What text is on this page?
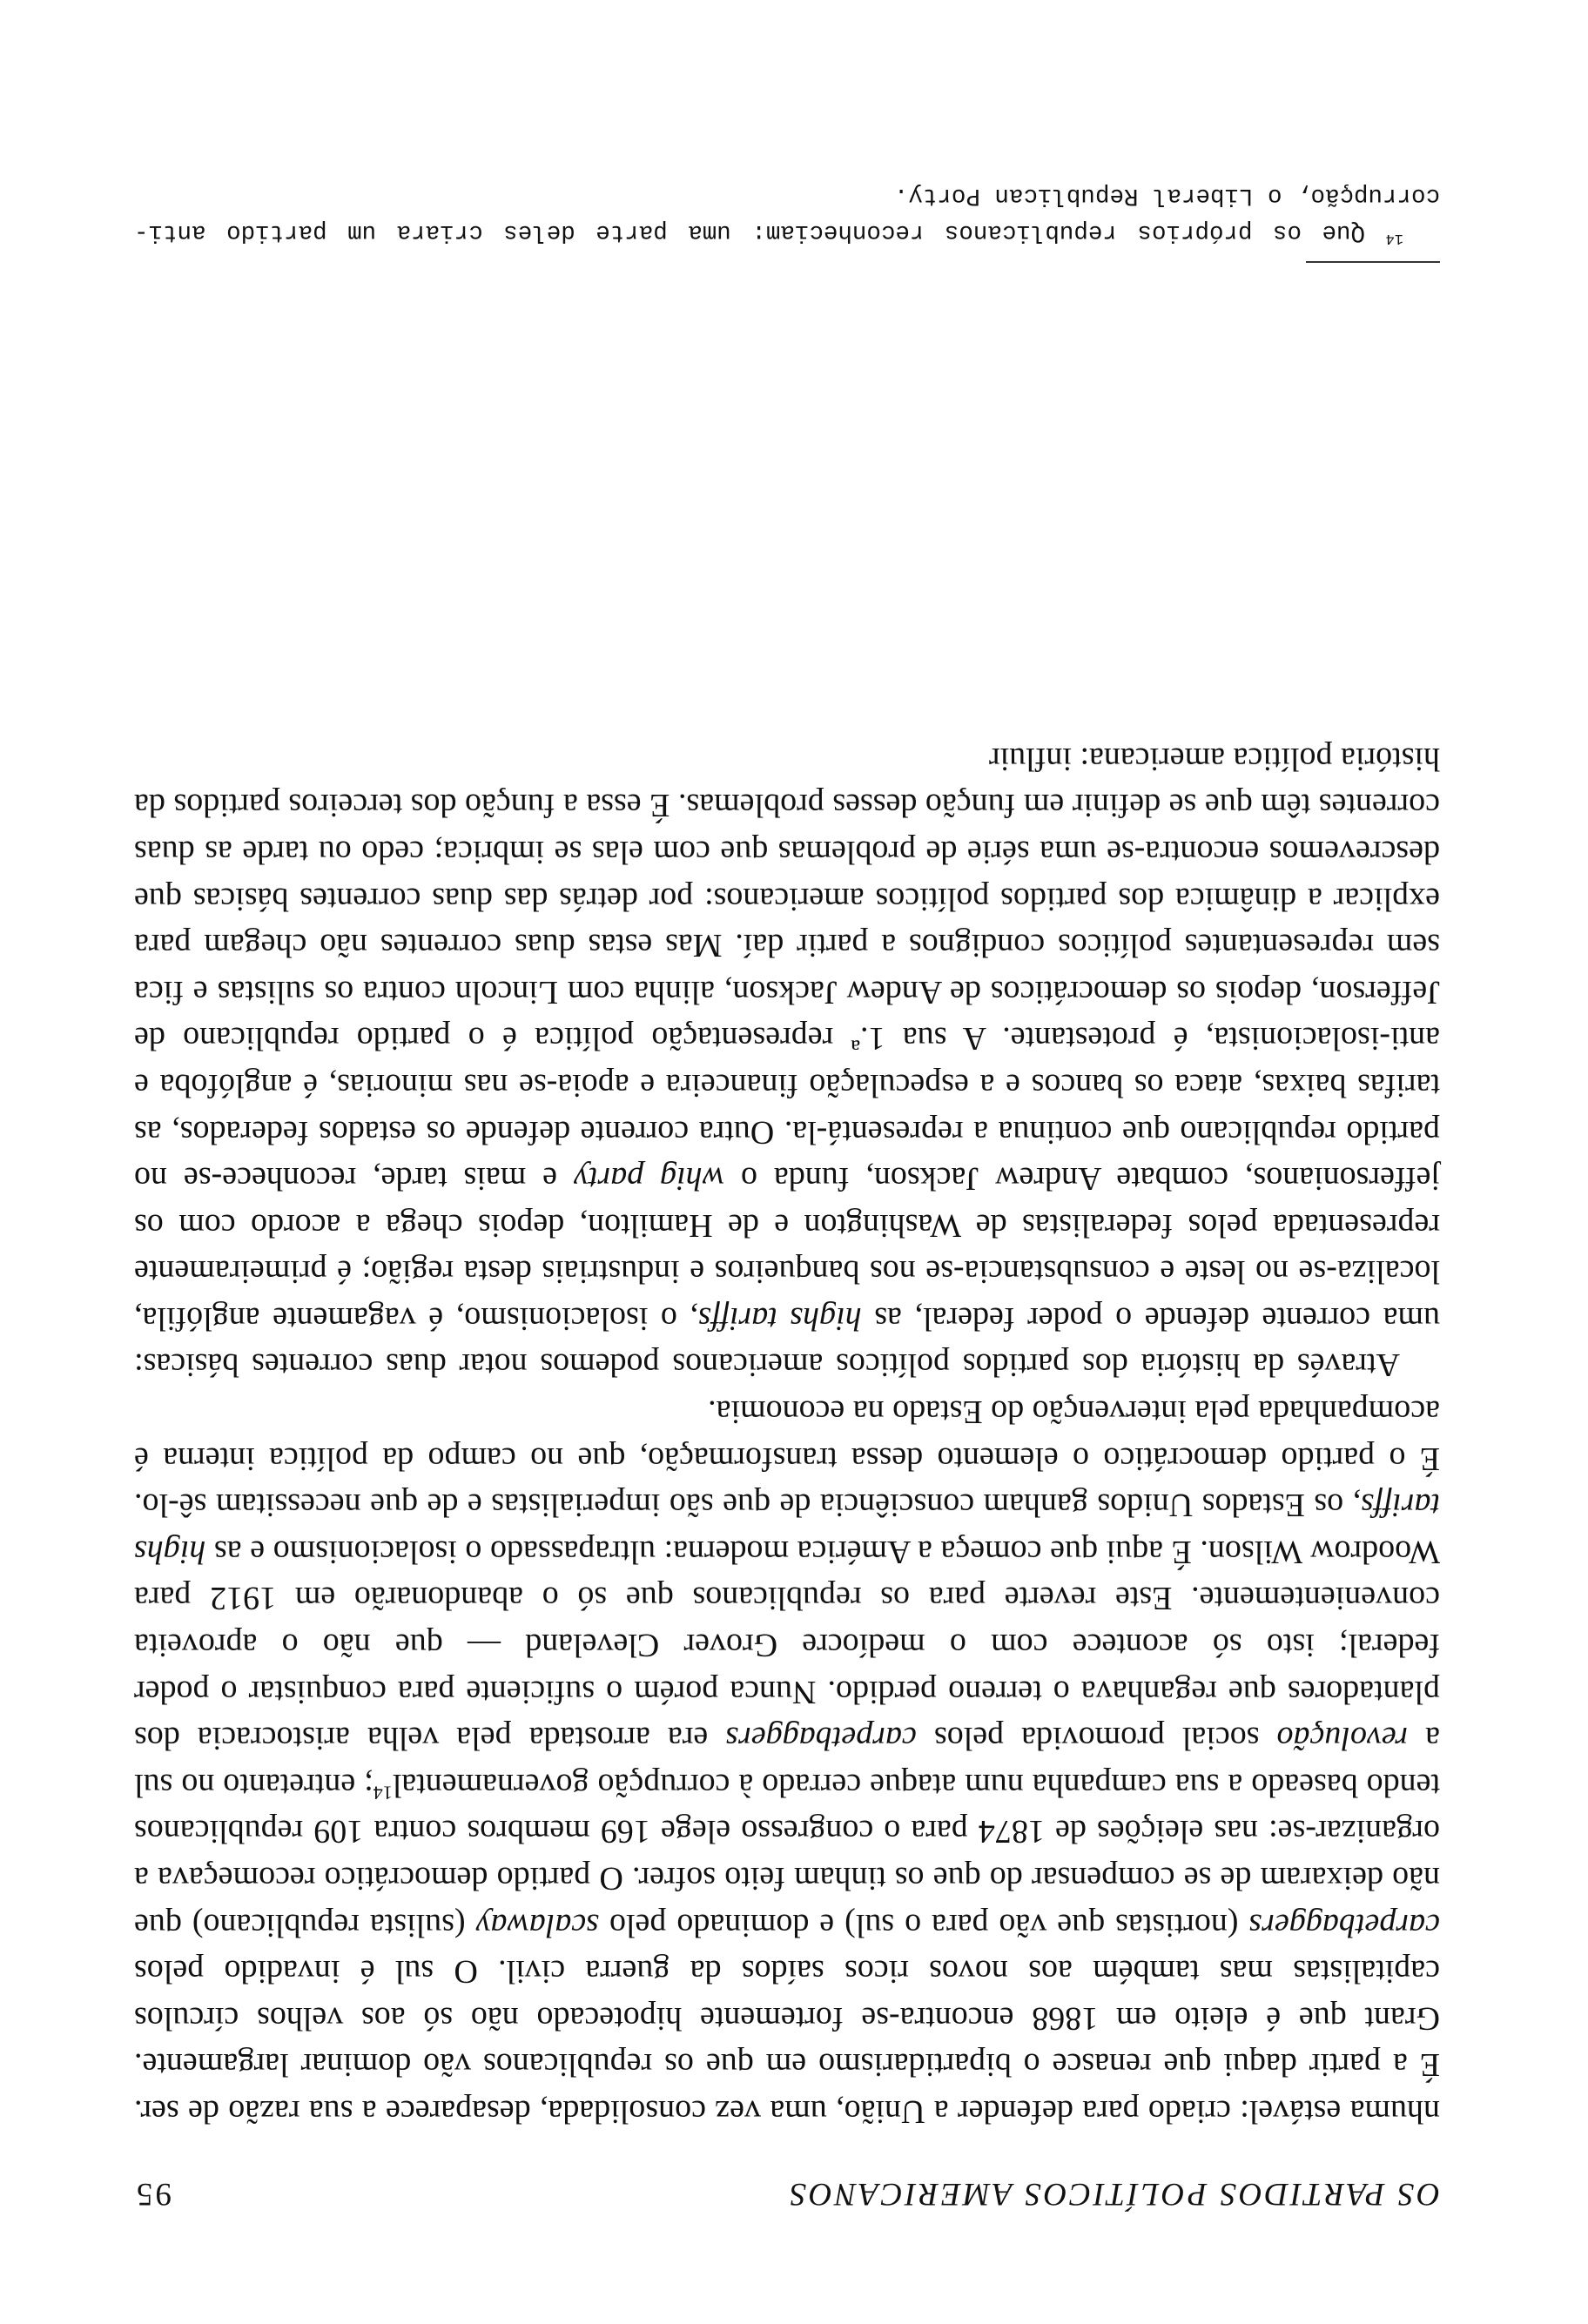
OS PARTIDOS POLÍTICOS AMERICANOS
95

nhuma estável: criado para defender a União, uma vez consolidada, desaparece a sua razão de ser. É a partir daqui que renasce o bipartidarismo em que os republicanos vão dominar largamente. Grant que é eleito em 1868 encontra-se fortemente hipotecado não só aos velhos círculos capitalistas mas também aos novos ricos saídos da guerra civil. O sul é invadido pelos carpetbaggers (nortistas que vão para o sul) e dominado pelo scalaway (sulista republicano) que não deixaram de se compensar do que os tinham feito sofrer. O partido democrático recomeçava a organizar-se: nas eleições de 1874 para o congresso elege 169 membros contra 109 republicanos tendo baseado a sua campanha num ataque cerrado à corrupção governamental$^{14}$; entretanto no sul a revolução social promovida pelos carpetbaggers era arrostada pela velha aristocracia dos plantadores que reganhava o terreno perdido. Nunca porém o suficiente para conquistar o poder federal; isto só acontece com o medíocre Grover Cleveland — que não o aproveita convenientemente. Este reverte para os republicanos que só o abandonarão em 1912 para Woodrow Wilson. É aqui que começa a América moderna: ultrapassado o isolacionismo e as highs tariffs, os Estados Unidos ganham consciência de que são imperialistas e de que necessitam sê-lo. É o partido democrático o elemento dessa transformação, que no campo da política interna é acompanhada pela intervenção do Estado na economia.

Através da história dos partidos políticos americanos podemos notar duas correntes básicas: uma corrente defende o poder federal, as highs tariffs, o isolacionismo, é vagamente anglófila, localiza-se no leste e consubstancia-se nos banqueiros e industriais desta região; é primeiramente representada pelos federalistas de Washington e de Hamilton, depois chega a acordo com os jeffersonianos, combate Andrew Jackson, funda o whig party e mais tarde, reconhece-se no partido republicano que continua a representá-la. Outra corrente defende os estados federados, as tarifas baixas, ataca os bancos e a especulação financeira e apoia-se nas minorias, é anglófoba e anti-isolacionista, é protestante. A sua 1.ª representação política é o partido republicano de Jefferson, depois os democráticos de Andew Jackson, alinha com Lincoln contra os sulistas e fica sem representantes políticos condignos a partir daí. Mas estas duas correntes não chegam para explicar a dinâmica dos partidos políticos americanos: por detrás das duas correntes básicas que descrevemos encontra-se uma série de problemas que com elas se imbrica; cedo ou tarde as duas correntes têm que se definir em função desses problemas. É essa a função dos terceiros partidos da história política americana: influir

$^{14}$ Que os próprios republicanos reconheciam: uma parte deles criara um partido anti-corrupção, o Liberal Republican Porty.
